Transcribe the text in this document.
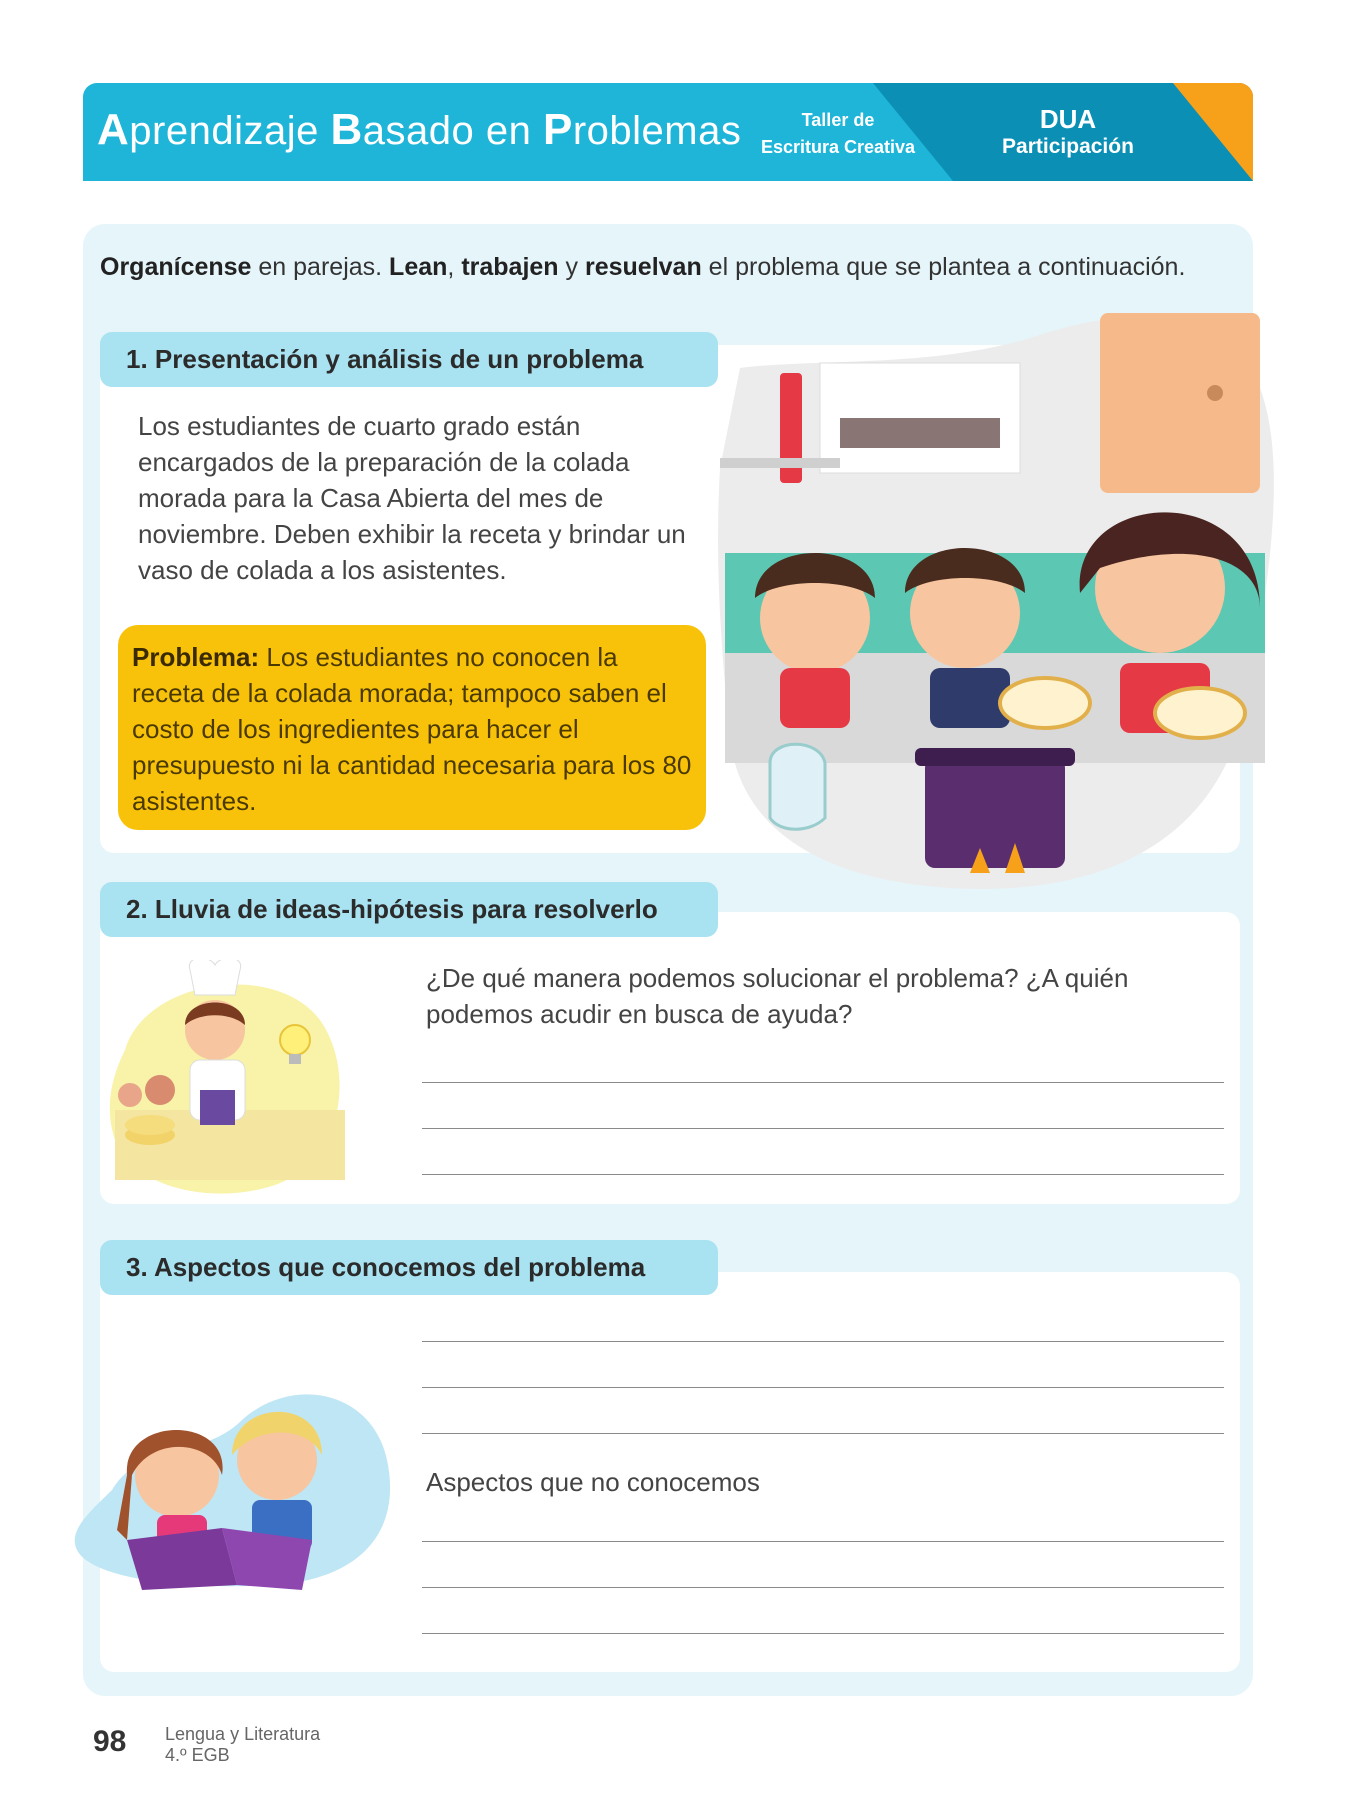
Aprendizaje Basado en Problemas	Taller de
Escritura Creativa
DUA
Participación
Organícense en parejas. Lean, trabajen y resuelvan el problema que se plantea a continuación.
1. Presentación y análisis de un problema
Los estudiantes de cuarto grado están encargados de la preparación de la colada morada para la Casa Abierta del mes de noviembre. Deben exhibir la receta y brindar un vaso de colada a los asistentes.
Problema: Los estudiantes no conocen la receta de la colada morada; tampoco saben el costo de los ingredientes para hacer el presupuesto ni la cantidad necesaria para los 80 asistentes.
2. Lluvia de ideas-hipótesis para resolverlo
¿De qué manera podemos solucionar el problema? ¿A quién podemos acudir en busca de ayuda?
3. Aspectos que conocemos del problema
Aspectos que no conocemos
98 Lengua y Literatura
4.º EGB
